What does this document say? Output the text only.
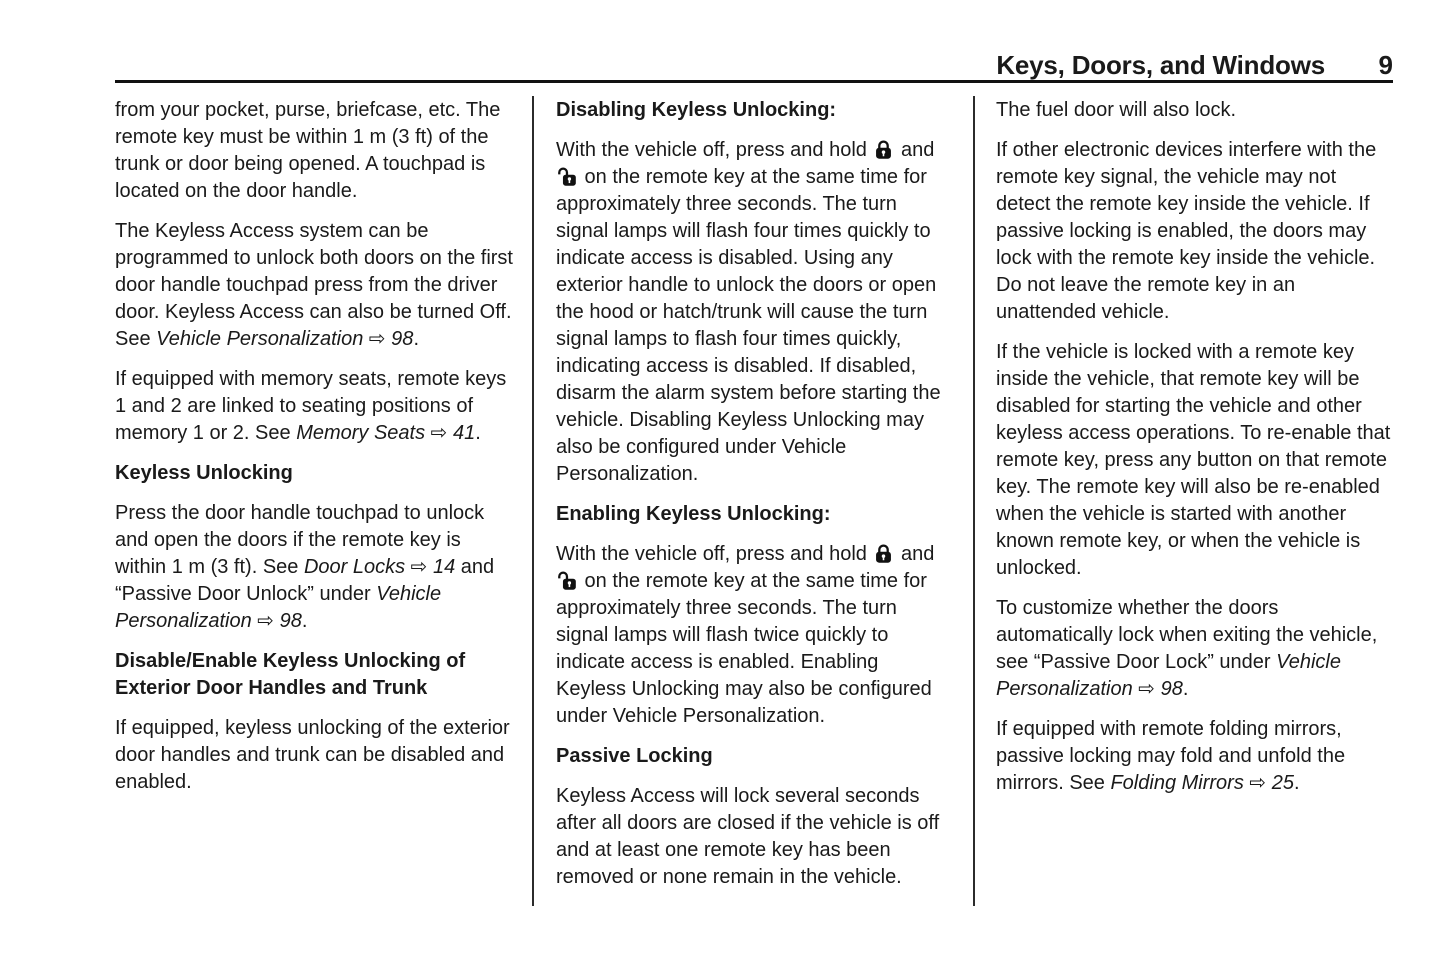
Keys, Doors, and Windows 9
from your pocket, purse, briefcase, etc. The remote key must be within 1 m (3 ft) of the trunk or door being opened. A touchpad is located on the door handle.
The Keyless Access system can be programmed to unlock both doors on the first door handle touchpad press from the driver door. Keyless Access can also be turned Off. See Vehicle Personalization ⇨ 98.
If equipped with memory seats, remote keys 1 and 2 are linked to seating positions of memory 1 or 2. See Memory Seats ⇨ 41.
Keyless Unlocking
Press the door handle touchpad to unlock and open the doors if the remote key is within 1 m (3 ft). See Door Locks ⇨ 14 and “Passive Door Unlock” under Vehicle Personalization ⇨ 98.
Disable/Enable Keyless Unlocking of Exterior Door Handles and Trunk
If equipped, keyless unlocking of the exterior door handles and trunk can be disabled and enabled.
Disabling Keyless Unlocking:
With the vehicle off, press and hold  and  on the remote key at the same time for approximately three seconds. The turn signal lamps will flash four times quickly to indicate access is disabled. Using any exterior handle to unlock the doors or open the hood or hatch/trunk will cause the turn signal lamps to flash four times quickly, indicating access is disabled. If disabled, disarm the alarm system before starting the vehicle. Disabling Keyless Unlocking may also be configured under Vehicle Personalization.
Enabling Keyless Unlocking:
With the vehicle off, press and hold  and  on the remote key at the same time for approximately three seconds. The turn signal lamps will flash twice quickly to indicate access is enabled. Enabling Keyless Unlocking may also be configured under Vehicle Personalization.
Passive Locking
Keyless Access will lock several seconds after all doors are closed if the vehicle is off and at least one remote key has been removed or none remain in the vehicle.
The fuel door will also lock.
If other electronic devices interfere with the remote key signal, the vehicle may not detect the remote key inside the vehicle. If passive locking is enabled, the doors may lock with the remote key inside the vehicle. Do not leave the remote key in an unattended vehicle.
If the vehicle is locked with a remote key inside the vehicle, that remote key will be disabled for starting the vehicle and other keyless access operations. To re-enable that remote key, press any button on that remote key. The remote key will also be re-enabled when the vehicle is started with another known remote key, or when the vehicle is unlocked.
To customize whether the doors automatically lock when exiting the vehicle, see “Passive Door Lock” under Vehicle Personalization ⇨ 98.
If equipped with remote folding mirrors, passive locking may fold and unfold the mirrors. See Folding Mirrors ⇨ 25.
